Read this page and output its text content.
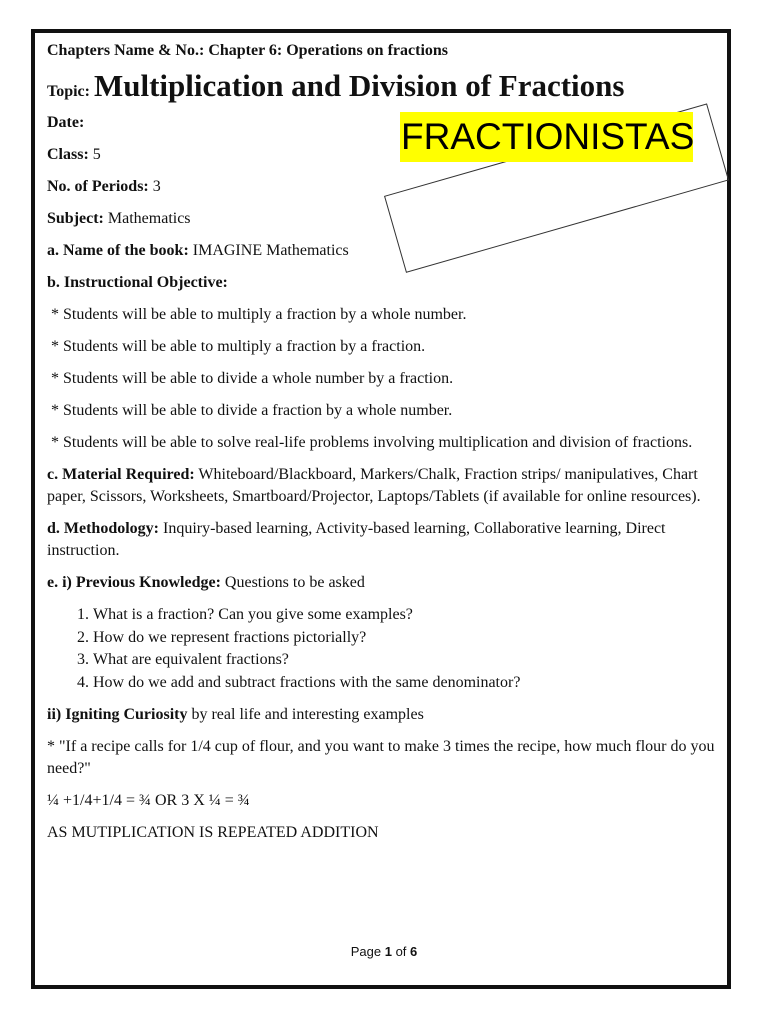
Chapters Name & No.: Chapter 6: Operations on fractions

Topic: Multiplication and Division of Fractions

Date:

Class: 5

No. of Periods: 3

Subject: Mathematics

a. Name of the book: IMAGINE Mathematics

b. Instructional Objective:

* Students will be able to multiply a fraction by a whole number.

* Students will be able to multiply a fraction by a fraction.

* Students will be able to divide a whole number by a fraction.

* Students will be able to divide a fraction by a whole number.

* Students will be able to solve real-life problems involving multiplication and division of fractions.

c. Material Required: Whiteboard/Blackboard, Markers/Chalk, Fraction strips/ manipulatives, Chart paper, Scissors, Worksheets, Smartboard/Projector, Laptops/Tablets (if available for online resources).

d. Methodology: Inquiry-based learning, Activity-based learning, Collaborative learning, Direct instruction.

e. i) Previous Knowledge: Questions to be asked

1. What is a fraction? Can you give some examples?
2. How do we represent fractions pictorially?
3. What are equivalent fractions?
4. How do we add and subtract fractions with the same denominator?

ii) Igniting Curiosity by real life and interesting examples

* "If a recipe calls for 1/4 cup of flour, and you want to make 3 times the recipe, how much flour do you need?"

¼ +1/4+1/4 = ¾ OR 3 X ¼ = ¾

AS MUTIPLICATION IS REPEATED ADDITION

FRACTIONISTAS
Page 1 of 6
